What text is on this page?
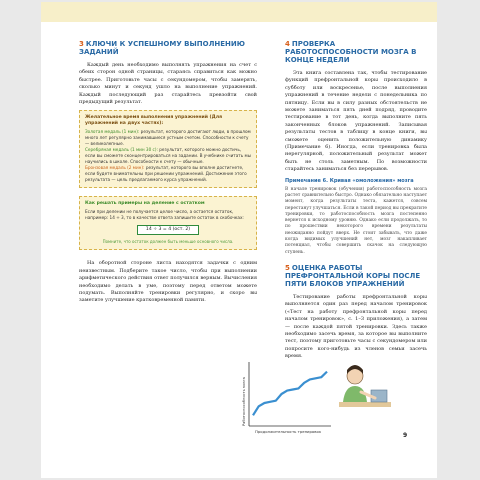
3 КЛЮЧИ К УСПЕШНОМУ ВЫПОЛНЕНИЮ ЗАДАНИЙ

Каждый день необходимо выполнять упражнения на счет с обеих сторон одной страницы, стараясь справиться как можно быстрее. Приготовьте часы с секундомером, чтобы замерять, сколько минут и секунд ушло на выполнение упражнений. Каждый последующий раз старайтесь превзойти свой предыдущий результат.

Желательное время выполнения упражнений (Для упражнений на двух частях):
Золотая медаль (1 мин): результат, которого достигают люди, в прошлом много лет регулярно занимавшиеся устным счетом. Способности к счету — великолепные.
Серебряная медаль (1 мин 30 с): результат, которого можно достичь, если вы сможете сконцентрироваться на задании. В учебнике считать мы научились в школе. Способности к счету — обычные.
Бронзовая медаль (2 мин): результат, которого вы вполне достигнете, если будете внимательны при решении упражнений. Достижение этого результата — цель предлагаемого курса упражнений.
Как решать примеры на деление с остатком
Если при делении не получается целое число, а остается остаток, например: 14 ÷ 3, то в качестве ответа запишите остаток в скобочках:
14 ÷ 3 = 4 (ост. 2)
Помните, что остаток должен быть меньше основного числа.

На оборотной стороне листа находятся задачки с одним неизвестным. Подберите такое число, чтобы при выполнении арифметического действия ответ получился верным. Вычисления необходимо делать в уме, поэтому перед ответом можете подумать. Выполняйте тренировки регулярно, и скоро вы заметите улучшение кратковременной памяти.

4 ПРОВЕРКА РАБОТОСПОСОБНОСТИ МОЗГА В КОНЦЕ НЕДЕЛИ

Эта книга составлена так, чтобы тестирование функций префронтальной коры происходило в субботу или воскресенье, после выполнения упражнений в течение недели с понедельника по пятницу. Если вы в силу разных обстоятельств не можете заниматься пять дней подряд, проводите тестирование в тот день, когда выполните пять законченных блоков упражнений. Записывая результаты тестов в таблицу в конце книги, вы сможете оценить положительную динамику (Примечание 6). Иногда, если тренировка была нерегулярной, положительный результат может быть не столь заметным. По возможности старайтесь заниматься без перерывов.

Примечание 6. Кривая «омоложения» мозга
В начале тренировок (обучения) работоспособность мозга растет сравнительно быстро. Однако обязательно наступает момент, когда результаты теста, кажется, совсем перестанут улучшаться. Если в такой период вы прекратите тренировки, то работоспособность мозга постепенно вернется к исходному уровню. Однако если продолжать, то по прошествии некоторого времени результаты неожиданно пойдут вверх. Не стоит забывать, что даже когда видимых улучшений нет, мозг накапливает потенциал, чтобы совершить скачок на следующую ступень.
5 ОЦЕНКА РАБОТЫ ПРЕФРОНТАЛЬНОЙ КОРЫ ПОСЛЕ ПЯТИ БЛОКОВ УПРАЖНЕНИЙ

Тестирование работы префронтальной коры выполняется один раз перед началом тренировок («Тест на работу префронтальной коры перед началом тренировок», с. 1–3 приложения), а затем — после каждой пятой тренировки. Здесь также необходимо засечь время, за которое вы выполните тест, поэтому приготовьте часы с секундомером или попросите кого-нибудь из членов семьи засечь время.

Работоспособность мозга
Продолжительность тренировок
9
